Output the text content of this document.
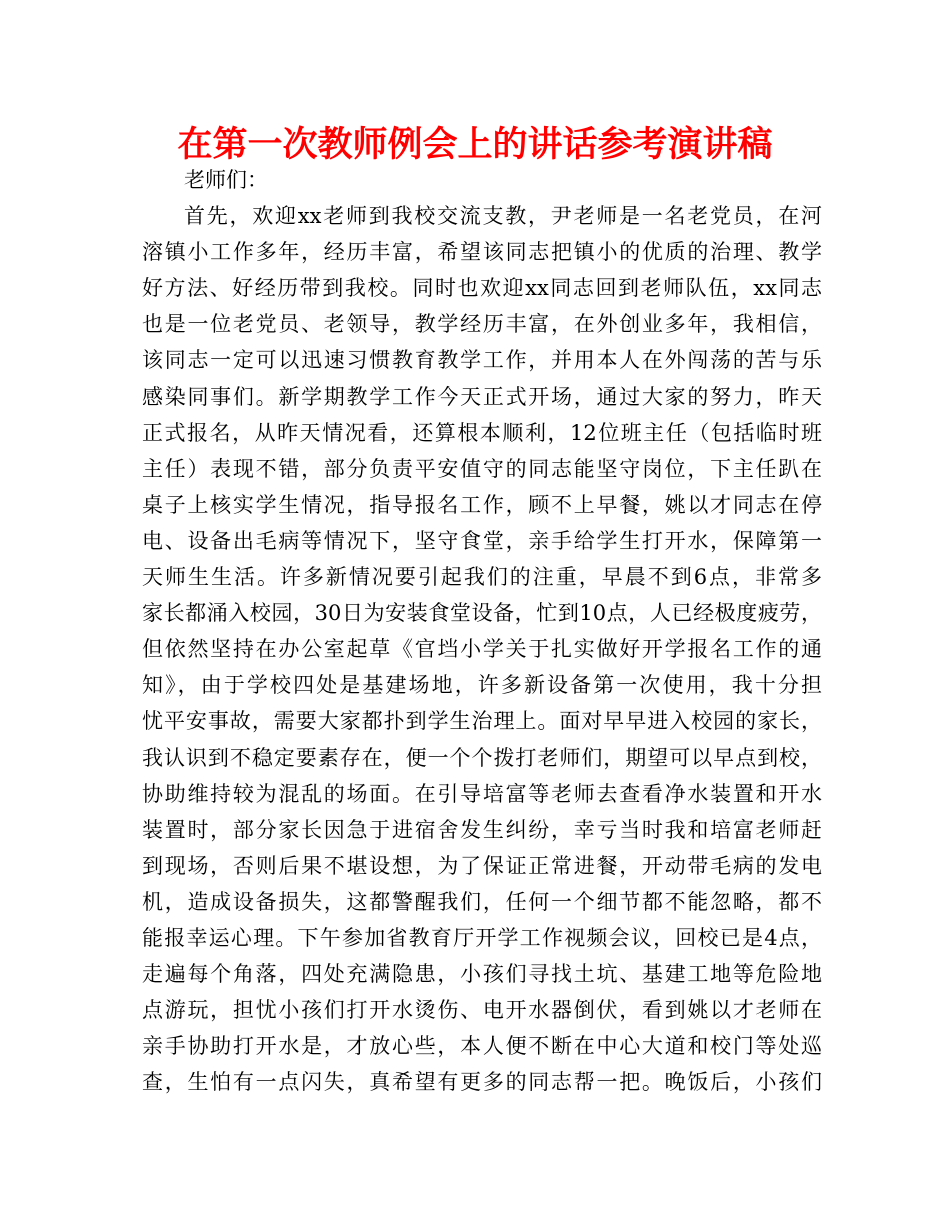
在第一次教师例会上的讲话参考演讲稿
老师们：
首先，欢迎xx老师到我校交流支教，尹老师是一名老党员，在河
溶镇小工作多年，经历丰富，希望该同志把镇小的优质的治理、教学
好方法、好经历带到我校。同时也欢迎xx同志回到老师队伍，xx同志
也是一位老党员、老领导，教学经历丰富，在外创业多年，我相信，
该同志一定可以迅速习惯教育教学工作，并用本人在外闯荡的苦与乐
感染同事们。新学期教学工作今天正式开场，通过大家的努力，昨天
正式报名，从昨天情况看，还算根本顺利，12位班主任（包括临时班
主任）表现不错，部分负责平安值守的同志能坚守岗位，下主任趴在
桌子上核实学生情况，指导报名工作，顾不上早餐，姚以才同志在停
电、设备出毛病等情况下，坚守食堂，亲手给学生打开水，保障第一
天师生生活。许多新情况要引起我们的注重，早晨不到6点，非常多
家长都涌入校园，30日为安装食堂设备，忙到10点，人已经极度疲劳，
但依然坚持在办公室起草《官垱小学关于扎实做好开学报名工作的通
知》，由于学校四处是基建场地，许多新设备第一次使用，我十分担
忧平安事故，需要大家都扑到学生治理上。面对早早进入校园的家长，
我认识到不稳定要素存在，便一个个拨打老师们，期望可以早点到校，
协助维持较为混乱的场面。在引导培富等老师去查看净水装置和开水
装置时，部分家长因急于进宿舍发生纠纷，幸亏当时我和培富老师赶
到现场，否则后果不堪设想，为了保证正常进餐，开动带毛病的发电
机，造成设备损失，这都警醒我们，任何一个细节都不能忽略，都不
能报幸运心理。下午参加省教育厅开学工作视频会议，回校已是4点，
走遍每个角落，四处充满隐患，小孩们寻找土坑、基建工地等危险地
点游玩，担忧小孩们打开水烫伤、电开水器倒伏，看到姚以才老师在
亲手协助打开水是，才放心些，本人便不断在中心大道和校门等处巡
查，生怕有一点闪失，真希望有更多的同志帮一把。晚饭后，小孩们
